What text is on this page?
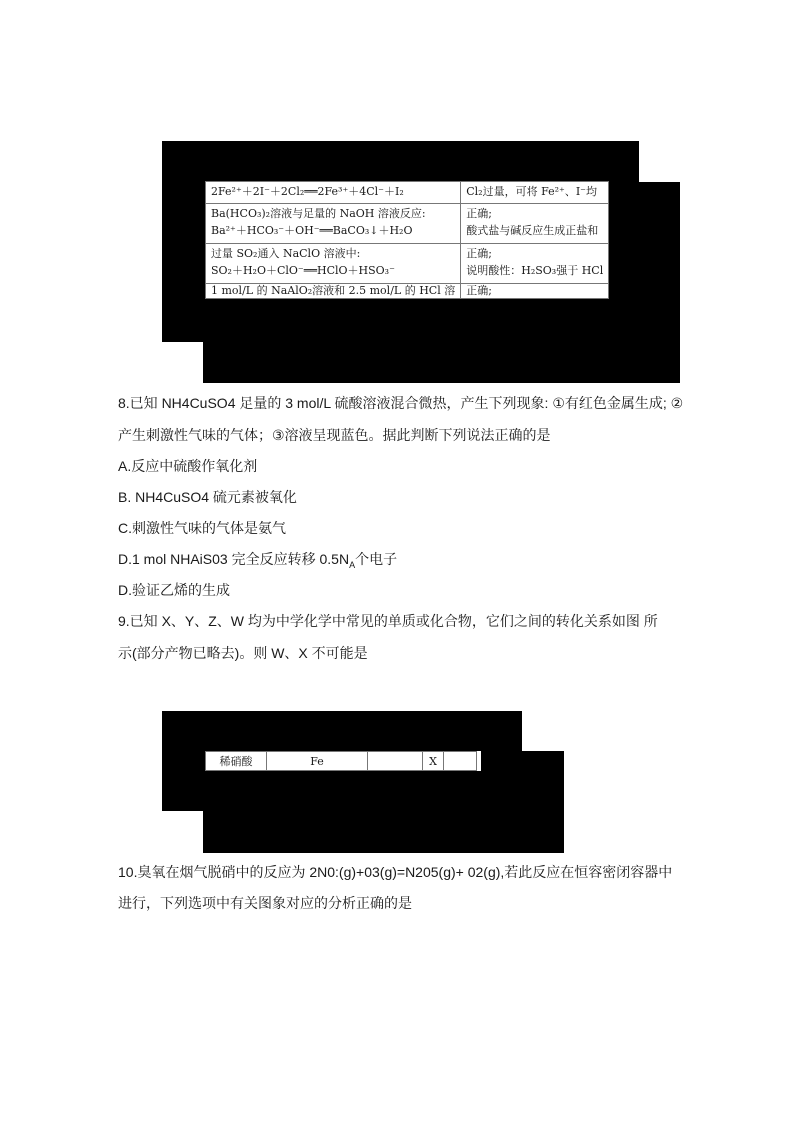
2Fe²⁺＋2I⁻＋2Cl₂══2Fe³⁺＋4Cl⁻＋I₂	Cl₂过量，可将 Fe²⁺、I⁻均

Ba(HCO₃)₂溶液与足量的 NaOH 溶液反应:
Ba²⁺＋HCO₃⁻＋OH⁻══BaCO₃↓＋H₂O	正确;
酸式盐与碱反应生成正盐和

过量 SO₂通入 NaClO 溶液中:
SO₂＋H₂O＋ClO⁻══HClO＋HSO₃⁻	正确;
说明酸性：H₂SO₃强于 HCl

1 mol/L 的 NaAlO₂溶液和 2.5 mol/L 的 HCl 溶	正确;
8.已知 NH4CuSO4 足量的 3 mol/L 硫酸溶液混合微热，产生下列现象: ①有红色金属生成; ②
产生刺激性气味的气体；③溶液呈现蓝色。据此判断下列说法正确的是
A.反应中硫酸作氧化剂
B. NH4CuSO4 硫元素被氧化
C.刺激性气味的气体是氨气
D.1 mol NHAiS03 完全反应转移 $0.5N_A$个电子
D.验证乙烯的生成
9.已知 X、Y、Z、W 均为中学化学中常见的单质或化合物，它们之间的转化关系如图 所
示(部分产物已略去)。则 W、X 不可能是
稀硝酸	Fe		X	
10.臭氧在烟气脱硝中的反应为 2N0:(g)+03(g)=N205(g)+ 02(g),若此反应在恒容密闭容器中
进行，下列选项中有关图象对应的分析正确的是
